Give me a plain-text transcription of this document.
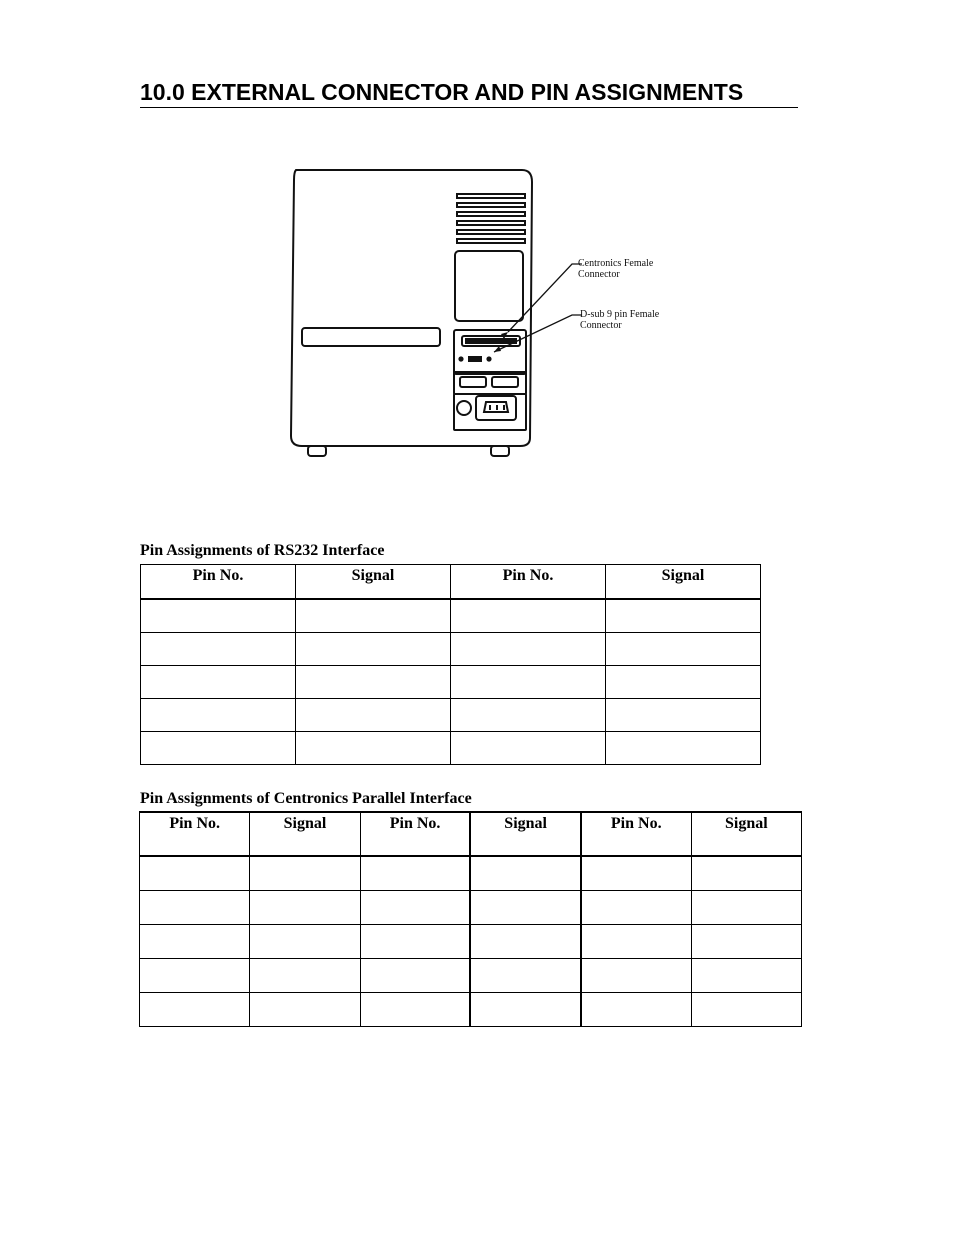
10.0 EXTERNAL CONNECTOR AND PIN ASSIGNMENTS
Centronics Female
Connector
D-sub 9 pin Female
Connector
Pin Assignments of RS232 Interface
Pin No.	Signal	Pin No.	Signal

Pin Assignments of Centronics Parallel Interface
Pin No.	Signal	Pin No.	Signal	Pin No.	Signal
